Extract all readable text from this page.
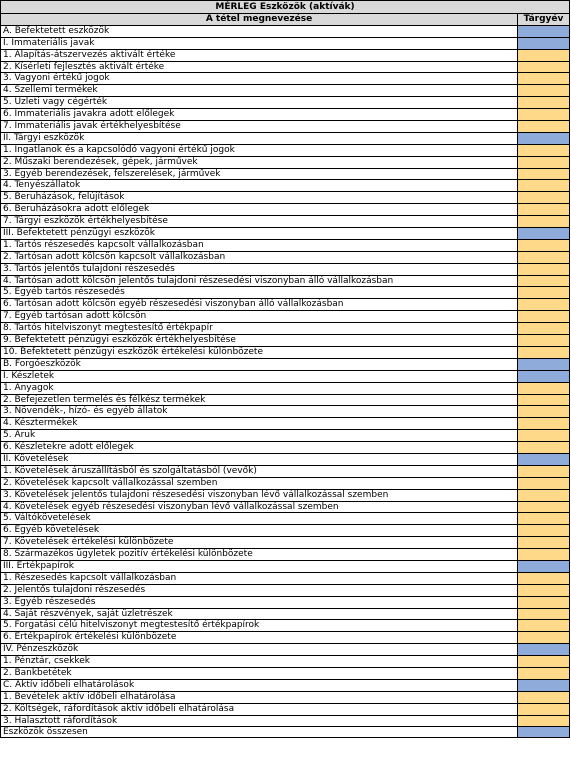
MÉRLEG Eszközök (aktívák)
A tétel megnevezése	Tárgyév
A. Befektetett eszközök
I. Immateriális javak
1. Alapítás-átszervezés aktivált értéke
2. Kísérleti fejlesztés aktivált értéke
3. Vagyoni értékű jogok
4. Szellemi termékek
5. Üzleti vagy cégérték
6. Immateriális javakra adott előlegek
7. Immateriális javak értékhelyesbítése
II. Tárgyi eszközök
1. Ingatlanok és a kapcsolódó vagyoni értékű jogok
2. Műszaki berendezések, gépek, járművek
3. Egyéb berendezések, felszerelések, járművek
4. Tenyészállatok
5. Beruházások, felújítások
6. Beruházásokra adott előlegek
7. Tárgyi eszközök értékhelyesbítése
III. Befektetett pénzügyi eszközök
1. Tartós részesedés kapcsolt vállalkozásban
2. Tartósan adott kölcsön kapcsolt vállalkozásban
3. Tartós jelentős tulajdoni részesedés
4. Tartósan adott kölcsön jelentős tulajdoni részesedési viszonyban álló vállalkozásban
5. Egyéb tartós részesedés
6. Tartósan adott kölcsön egyéb részesedési viszonyban álló vállalkozásban
7. Egyéb tartósan adott kölcsön
8. Tartós hitelviszonyt megtestesítő értékpapír
9. Befektetett pénzügyi eszközök értékhelyesbítése
10. Befektetett pénzügyi eszközök értékelési különbözete
B. Forgóeszközök
I. Készletek
1. Anyagok
2. Befejezetlen termelés és félkész termékek
3. Növendék-, hízó- és egyéb állatok
4. Késztermékek
5. Áruk
6. Készletekre adott előlegek
II. Követelések
1. Követelések áruszállításból és szolgáltatásból (vevők)
2. Követelések kapcsolt vállalkozással szemben
3. Követelések jelentős tulajdoni részesedési viszonyban lévő vállalkozással szemben
4. Követelések egyéb részesedési viszonyban lévő vállalkozással szemben
5. Váltókövetelések
6. Egyéb követelések
7. Követelések értékelési különbözete
8. Származékos ügyletek pozitív értékelési különbözete
III. Értékpapírok
1. Részesedés kapcsolt vállalkozásban
2. Jelentős tulajdoni részesedés
3. Egyéb részesedés
4. Saját részvények, saját üzletrészek
5. Forgatási célú hitelviszonyt megtestesítő értékpapírok
6. Értékpapírok értékelési különbözete
IV. Pénzeszközök
1. Pénztár, csekkek
2. Bankbetétek
C. Aktív időbeli elhatárolások
1. Bevételek aktív időbeli elhatárolása
2. Költségek, ráfordítások aktív időbeli elhatárolása
3. Halasztott ráfordítások
Eszközök összesen
